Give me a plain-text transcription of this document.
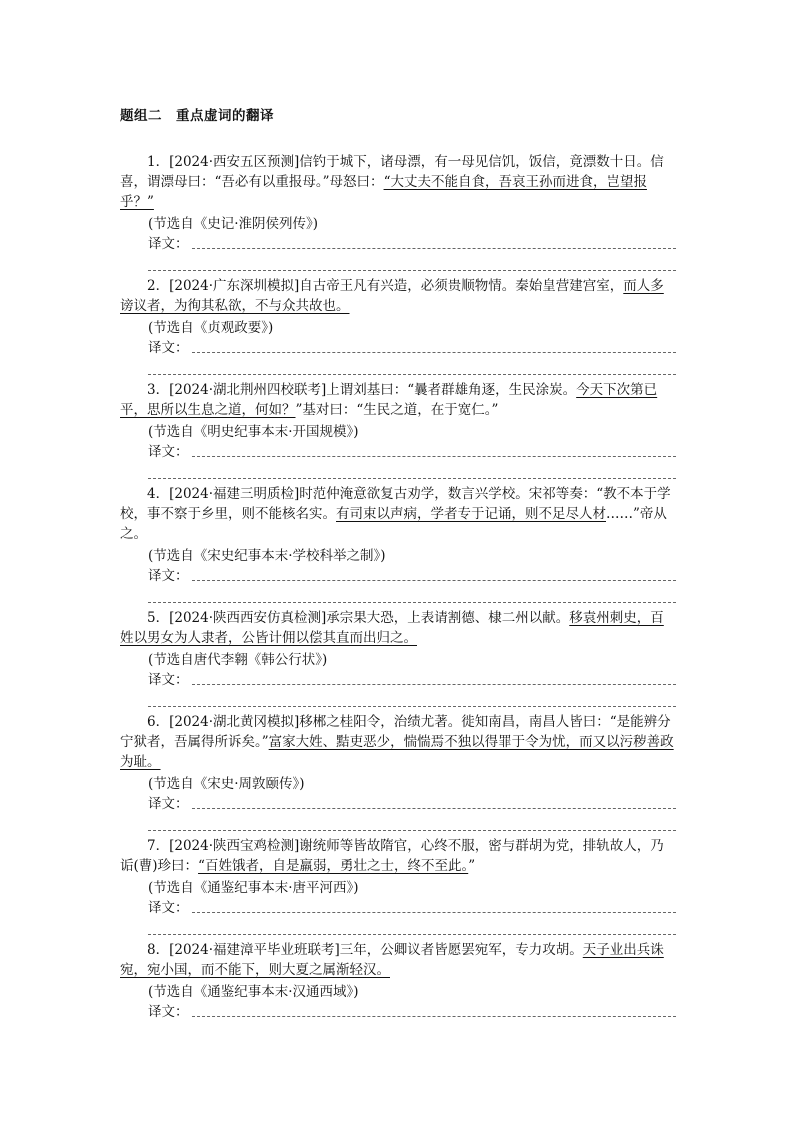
题组二　重点虚词的翻译

1．[2024·西安五区预测]信钓于城下，诸母漂，有一母见信饥，饭信，竟漂数十日。信喜，谓漂母曰：“吾必有以重报母。”母怒曰：“大丈夫不能自食，吾哀王孙而进食，岂望报乎？”

(节选自《史记·淮阴侯列传》)

译文：

2．[2024·广东深圳模拟]自古帝王凡有兴造，必须贵顺物情。秦始皇营建宫室，而人多谤议者，为徇其私欲，不与众共故也。

(节选自《贞观政要》)

译文：

3．[2024·湖北荆州四校联考]上谓刘基曰：“曩者群雄角逐，生民涂炭。今天下次第已平，思所以生息之道，何如？”基对曰：“生民之道，在于宽仁。”

(节选自《明史纪事本末·开国规模》)

译文：

4．[2024·福建三明质检]时范仲淹意欲复古劝学，数言兴学校。宋祁等奏：“教不本于学校，事不察于乡里，则不能核名实。有司束以声病，学者专于记诵，则不足尽人材……”帝从之。

(节选自《宋史纪事本末·学校科举之制》)

译文：

5．[2024·陕西西安仿真检测]承宗果大恐，上表请割德、棣二州以献。移袁州刺史，百姓以男女为人隶者，公皆计佣以偿其直而出归之。

(节选自唐代李翱《韩公行状》)

译文：

6．[2024·湖北黄冈模拟]移郴之桂阳令，治绩尤著。徙知南昌，南昌人皆曰：“是能辨分宁狱者，吾属得所诉矣。”富家大姓、黠吏恶少，惴惴焉不独以得罪于令为忧，而又以污秽善政为耻。

(节选自《宋史·周敦颐传》)

译文：

7．[2024·陕西宝鸡检测]谢统师等皆故隋官，心终不服，密与群胡为党，排轨故人，乃诟(曹)珍曰：“百姓饿者，自是羸弱，勇壮之士，终不至此。”

(节选自《通鉴纪事本末·唐平河西》)

译文：

8．[2024·福建漳平毕业班联考]三年，公卿议者皆愿罢宛军，专力攻胡。天子业出兵诛宛，宛小国，而不能下，则大夏之属渐轻汉。

(节选自《通鉴纪事本末·汉通西域》)

译文：
